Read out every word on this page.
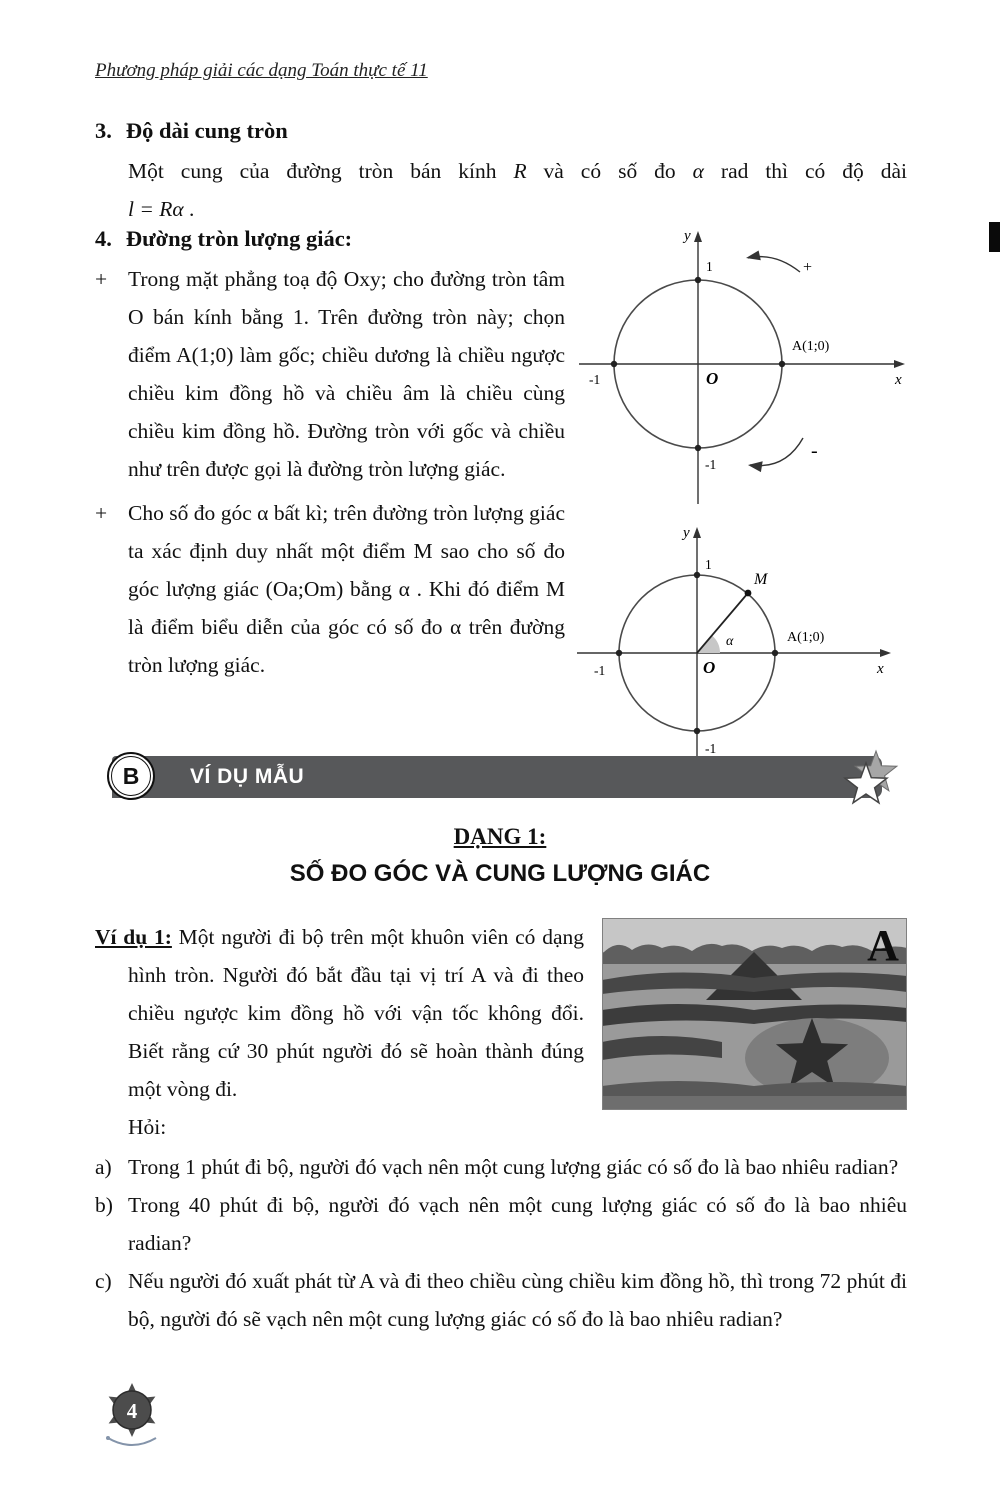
Phương pháp giải các dạng Toán thực tế 11
3. Độ dài cung tròn
Một cung của đường tròn bán kính R và có số đo α rad thì có độ dài
l = Rα .
4. Đường tròn lượng giác:
+ Trong mặt phẳng toạ độ Oxy; cho đường tròn tâm O bán kính bằng 1. Trên đường tròn này; chọn điểm A(1;0) làm gốc; chiều dương là chiều ngược chiều kim đồng hồ và chiều âm là chiều cùng chiều kim đồng hồ. Đường tròn với gốc và chiều như trên được gọi là đường tròn lượng giác.
+ Cho số đo góc α bất kì; trên đường tròn lượng giác ta xác định duy nhất một điểm M sao cho số đo góc lượng giác (Oa;Om) bằng α . Khi đó điểm M là điểm biểu diễn của góc có số đo α trên đường tròn lượng giác.
y
x
1
-1
-1
O
A(1;0)
+
-

y
x
1
-1
-1
O
A(1;0)
M
α
B	VÍ DỤ MẪU
DẠNG 1:
SỐ ĐO GÓC VÀ CUNG LƯỢNG GIÁC
A
Ví dụ 1: Một người đi bộ trên một khuôn viên có dạng hình tròn. Người đó bắt đầu tại vị trí A và đi theo chiều ngược kim đồng hồ với vận tốc không đổi. Biết rằng cứ 30 phút người đó sẽ hoàn thành đúng một vòng đi.
Hỏi:
a) Trong 1 phút đi bộ, người đó vạch nên một cung lượng giác có số đo là bao nhiêu radian?
b) Trong 40 phút đi bộ, người đó vạch nên một cung lượng giác có số đo là bao nhiêu radian?
c) Nếu người đó xuất phát từ A và đi theo chiều cùng chiều kim đồng hồ, thì trong 72 phút đi bộ, người đó sẽ vạch nên một cung lượng giác có số đo là bao nhiêu radian?
4
